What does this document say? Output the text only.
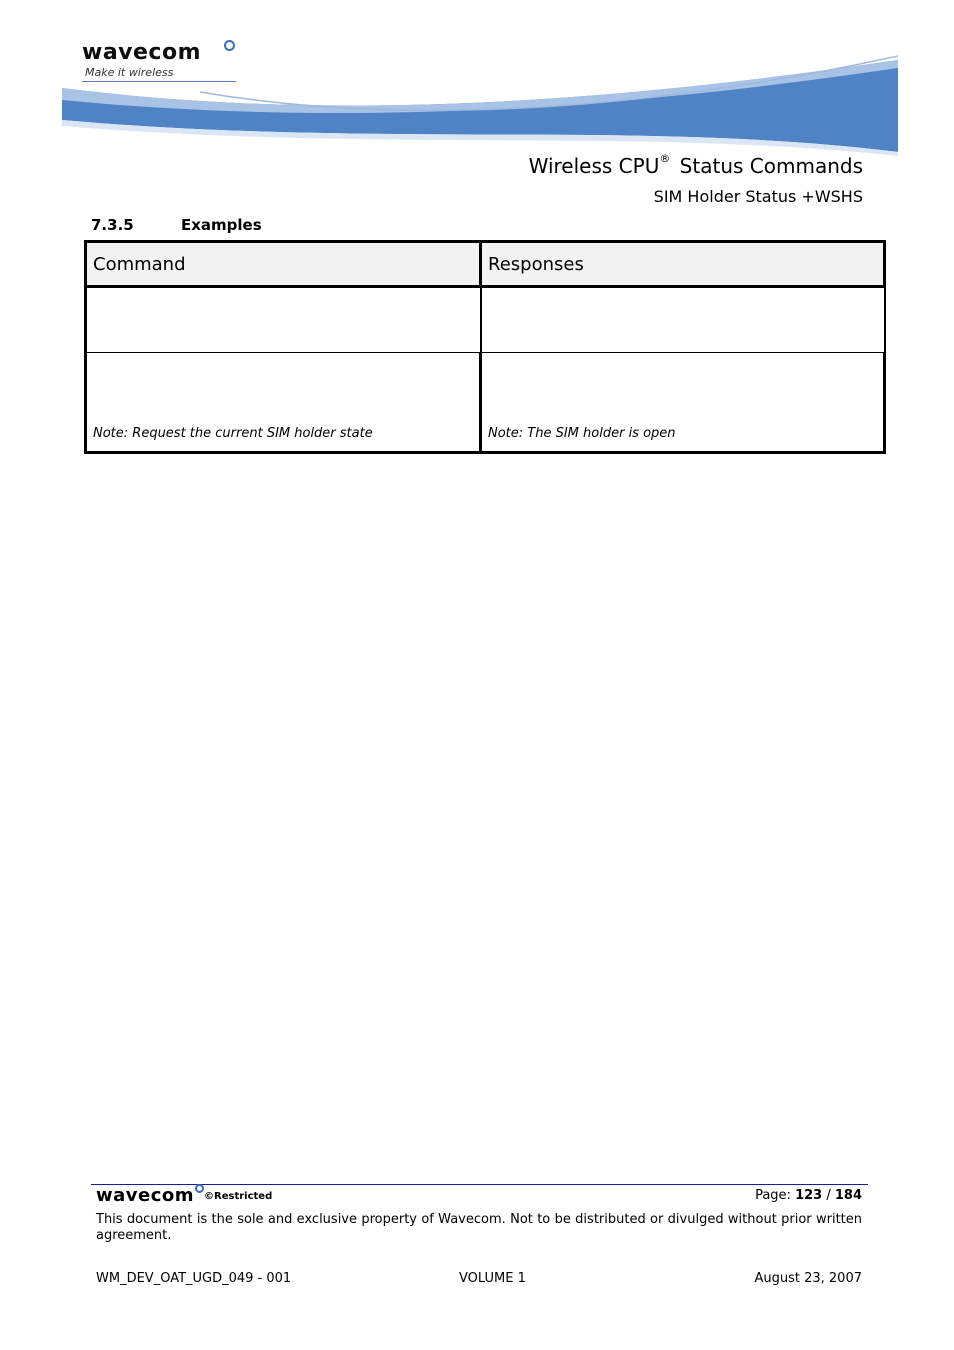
wavecom
Make it wireless
Wireless CPU® Status Commands
SIM Holder Status +WSHS
7.3.5	Examples
Command	Responses

Note: Request the current SIM holder state	Note: The SIM holder is open
wavecom ©Restricted	Page: 123 / 184
This document is the sole and exclusive property of Wavecom. Not to be distributed or divulged without prior written agreement.
WM_DEV_OAT_UGD_049 - 001	VOLUME 1	August 23, 2007
